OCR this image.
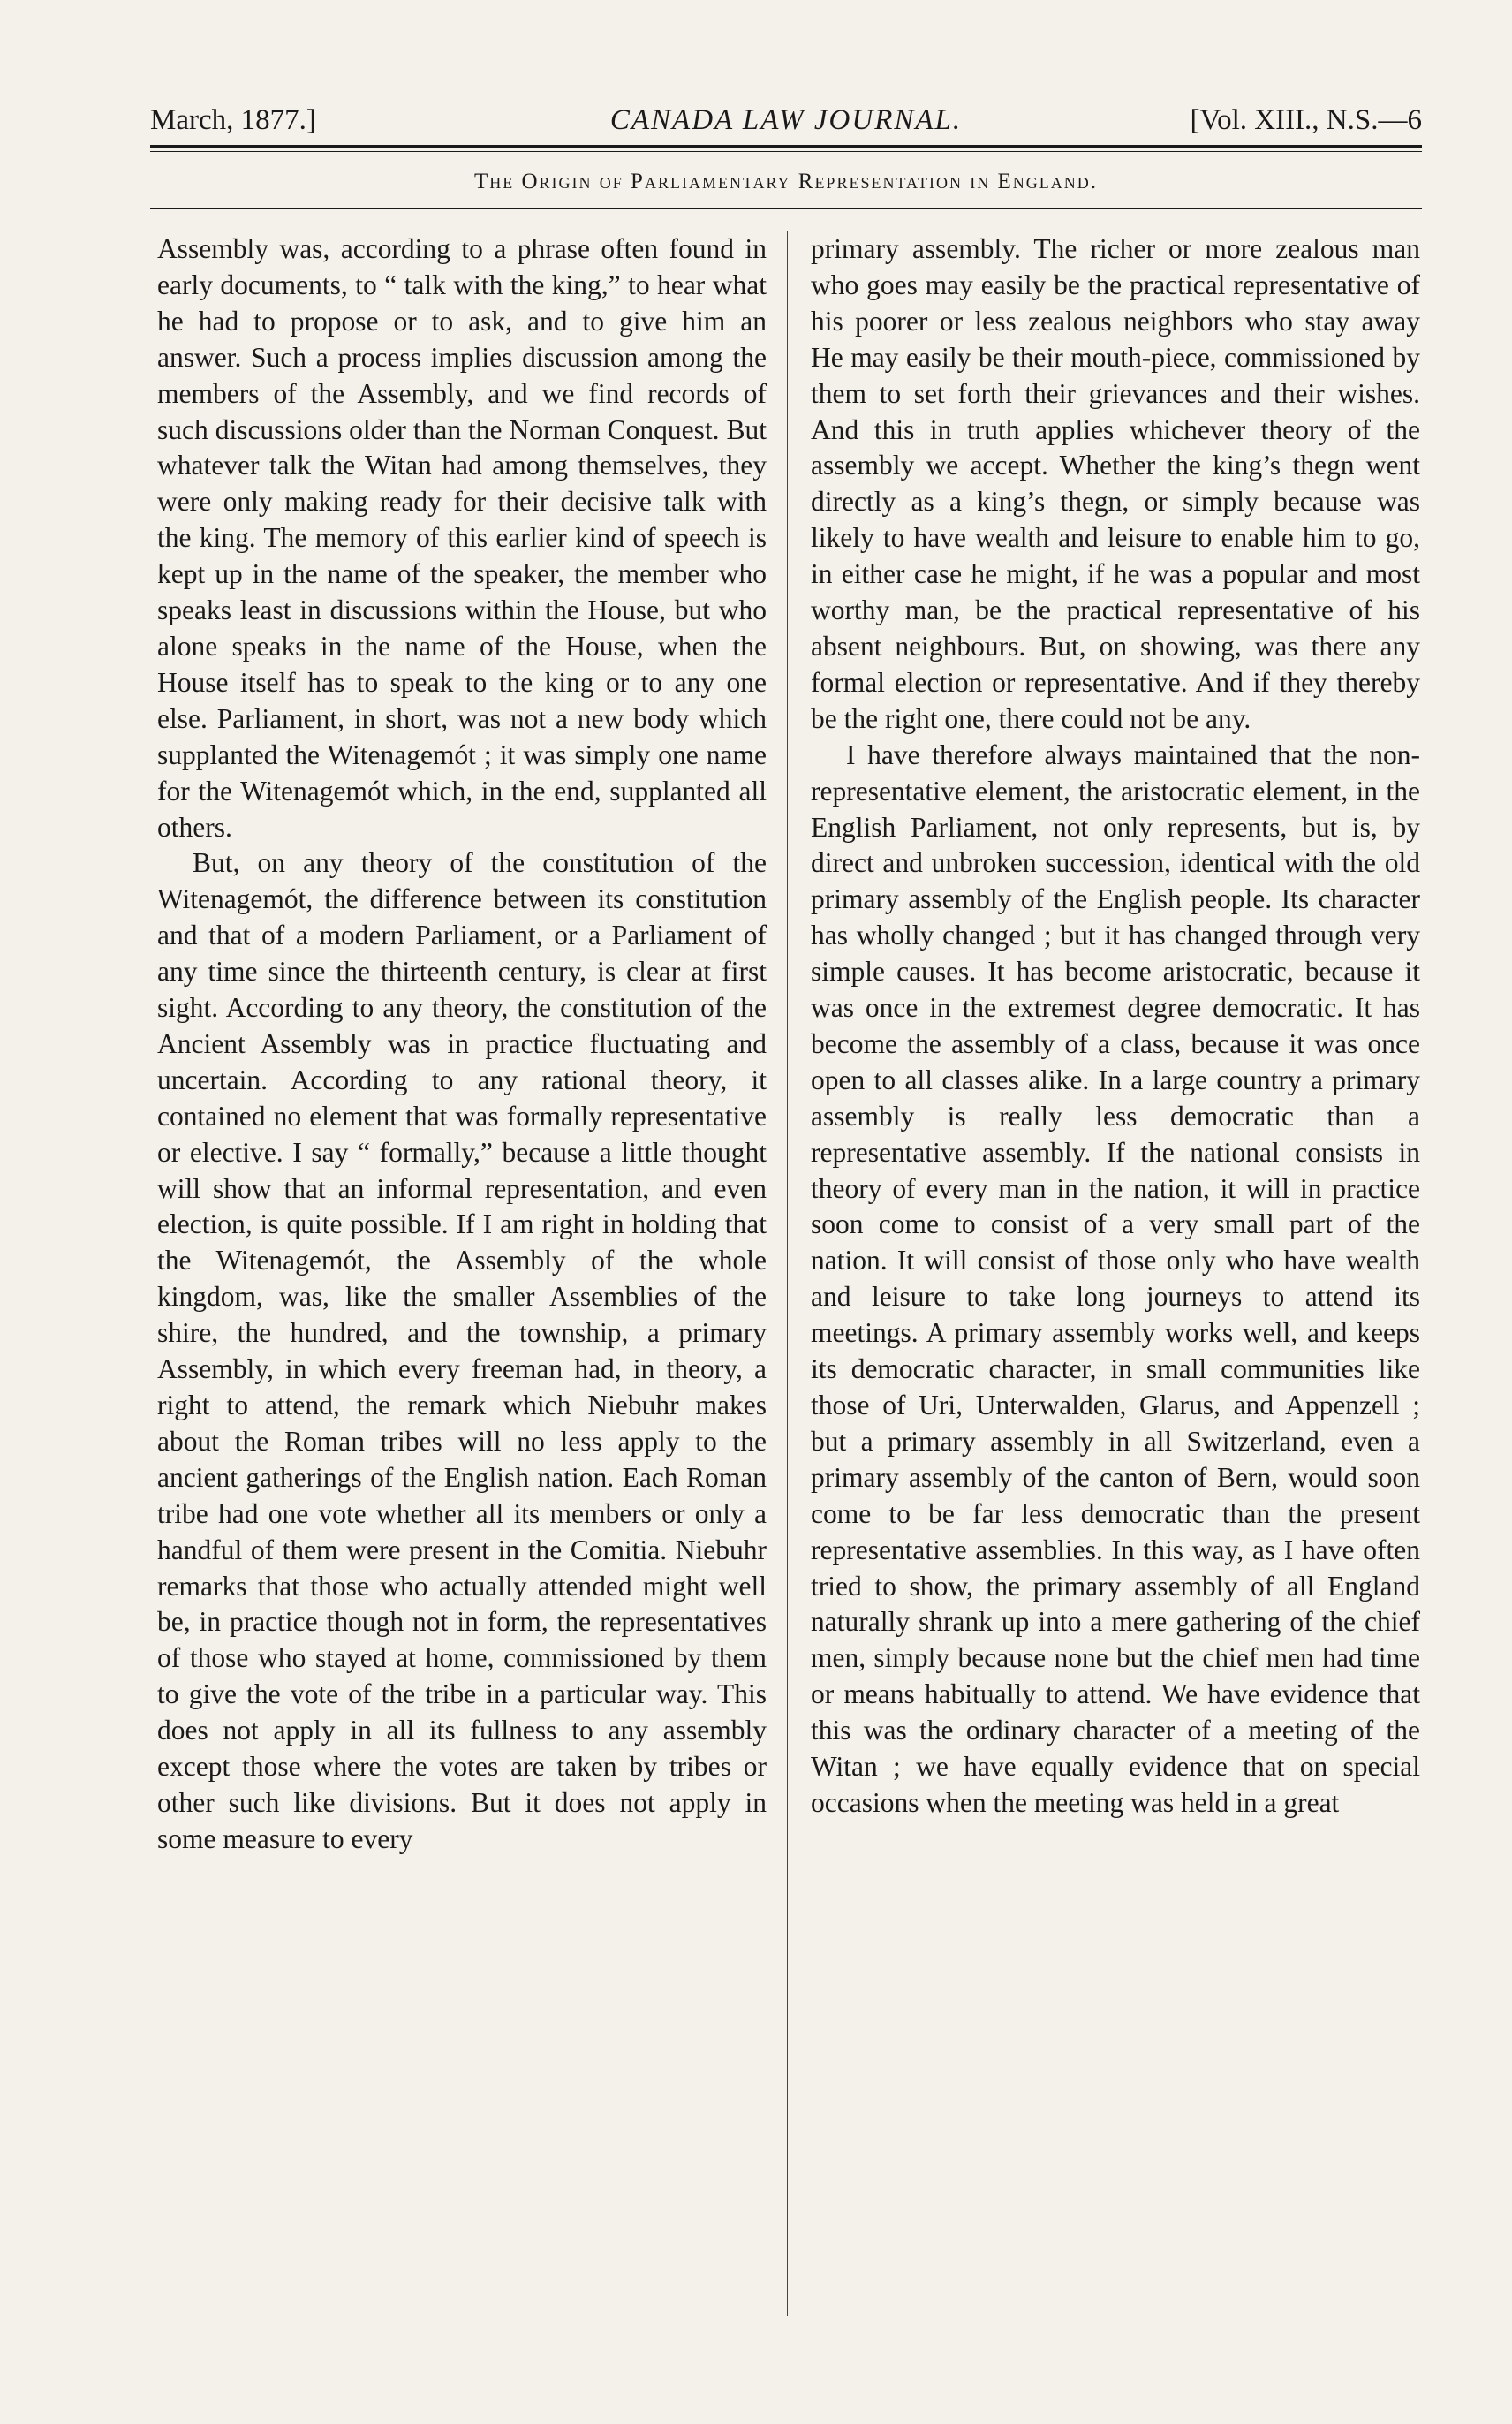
March, 1877.]	CANADA LAW JOURNAL.	[Vol. XIII., N.S.—6
The Origin of Parliamentary Representation in England.

Assembly was, according to a phrase often found in early documents, to “ talk with the king,” to hear what he had to propose or to ask, and to give him an answer. Such a process implies discussion among the members of the Assembly, and we find records of such discussions older than the Norman Conquest. But whatever talk the Witan had among themselves, they were only making ready for their decisive talk with the king. The memory of this earlier kind of speech is kept up in the name of the speaker, the member who speaks least in discussions within the House, but who alone speaks in the name of the House, when the House itself has to speak to the king or to any one else. Parliament, in short, was not a new body which supplanted the Witenagemót ; it was simply one name for the Witenagemót which, in the end, supplanted all others.

But, on any theory of the constitution of the Witenagemót, the difference between its constitution and that of a modern Parliament, or a Parliament of any time since the thirteenth century, is clear at first sight. According to any theory, the constitution of the Ancient Assembly was in practice fluctuating and uncertain. According to any rational theory, it contained no element that was formally representative or elective. I say “ formally,” because a little thought will show that an informal representation, and even election, is quite possible. If I am right in holding that the Witenagemót, the Assembly of the whole kingdom, was, like the smaller Assemblies of the shire, the hundred, and the township, a primary Assembly, in which every freeman had, in theory, a right to attend, the remark which Niebuhr makes about the Roman tribes will no less apply to the ancient gatherings of the English nation. Each Roman tribe had one vote whether all its members or only a handful of them were present in the Comitia. Niebuhr remarks that those who actually attended might well be, in practice though not in form, the representatives of those who stayed at home, commissioned by them to give the vote of the tribe in a particular way. This does not apply in all its fullness to any assembly except those where the votes are taken by tribes or other such like divisions. But it does not apply in some measure to every

primary assembly. The richer or more zealous man who goes may easily be the practical representative of his poorer or less zealous neighbors who stay away He may easily be their mouth-piece, commissioned by them to set forth their grievances and their wishes. And this in truth applies whichever theory of the assembly we accept. Whether the king’s thegn went directly as a king’s thegn, or simply because was likely to have wealth and leisure to enable him to go, in either case he might, if he was a popular and most worthy man, be the practical representative of his absent neighbours. But, on showing, was there any formal election or representative. And if they thereby be the right one, there could not be any.

I have therefore always maintained that the non-representative element, the aristocratic element, in the English Parliament, not only represents, but is, by direct and unbroken succession, identical with the old primary assembly of the English people. Its character has wholly changed ; but it has changed through very simple causes. It has become aristocratic, because it was once in the extremest degree democratic. It has become the assembly of a class, because it was once open to all classes alike. In a large country a primary assembly is really less democratic than a representative assembly. If the national consists in theory of every man in the nation, it will in practice soon come to consist of a very small part of the nation. It will consist of those only who have wealth and leisure to take long journeys to attend its meetings. A primary assembly works well, and keeps its democratic character, in small communities like those of Uri, Unterwalden, Glarus, and Appenzell ; but a primary assembly in all Switzerland, even a primary assembly of the canton of Bern, would soon come to be far less democratic than the present representative assemblies. In this way, as I have often tried to show, the primary assembly of all England naturally shrank up into a mere gathering of the chief men, simply because none but the chief men had time or means habitually to attend. We have evidence that this was the ordinary character of a meeting of the Witan ; we have equally evidence that on special occasions when the meeting was held in a great
